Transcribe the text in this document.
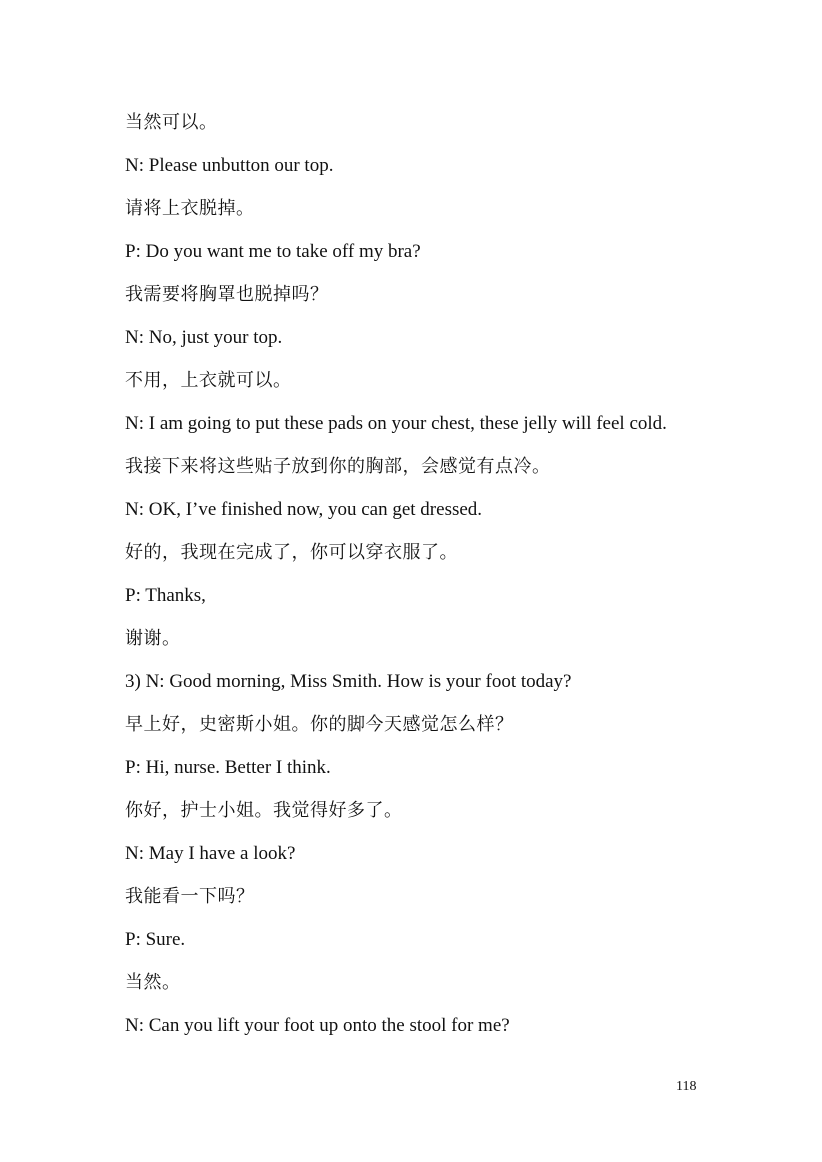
当然可以。
N: Please unbutton our top.
请将上衣脱掉。
P: Do you want me to take off my bra?
我需要将胸罩也脱掉吗？
N: No, just your top.
不用，上衣就可以。
N: I am going to put these pads on your chest, these jelly will feel cold.
我接下来将这些贴子放到你的胸部，会感觉有点冷。
N: OK, I’ve finished now, you can get dressed.
好的，我现在完成了，你可以穿衣服了。
P: Thanks,
谢谢。
3) N: Good morning, Miss Smith. How is your foot today?
早上好，史密斯小姐。你的脚今天感觉怎么样？
P: Hi, nurse. Better I think.
你好，护士小姐。我觉得好多了。
N: May I have a look?
我能看一下吗？
P: Sure.
当然。
N: Can you lift your foot up onto the stool for me?
118
